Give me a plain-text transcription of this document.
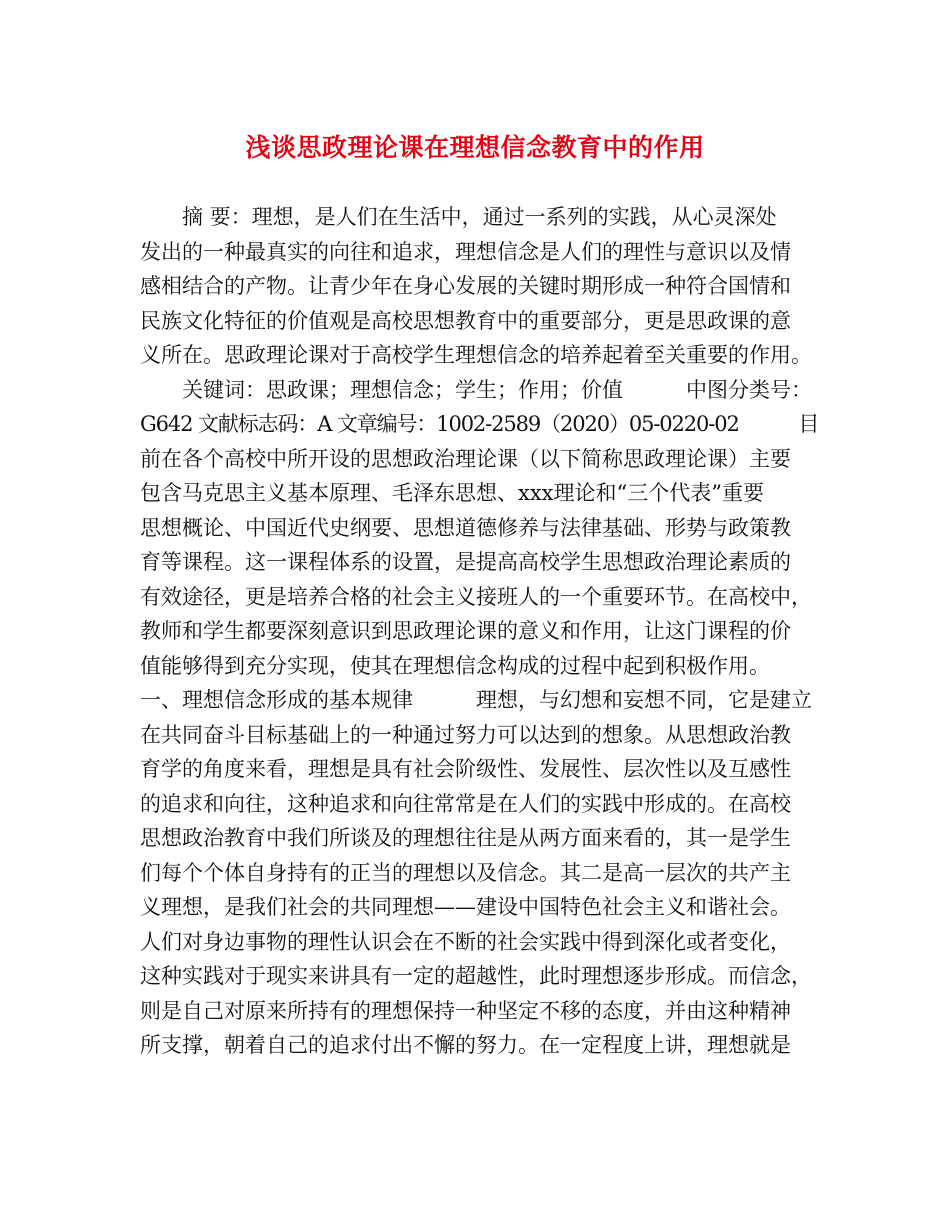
浅谈思政理论课在理想信念教育中的作用
　　摘 要：理想，是人们在生活中，通过一系列的实践，从心灵深处
发出的一种最真实的向往和追求，理想信念是人们的理性与意识以及情
感相结合的产物。让青少年在身心发展的关键时期形成一种符合国情和
民族文化特征的价值观是高校思想教育中的重要部分，更是思政课的意
义所在。思政理论课对于高校学生理想信念的培养起着至关重要的作用。
　　关键词：思政课；理想信念；学生；作用；价值　　　中图分类号：
G642 文献标志码：A 文章编号：1002-2589（2020）05-0220-02　　　目
前在各个高校中所开设的思想政治理论课（以下简称思政理论课）主要
包含马克思主义基本原理、毛泽东思想、xxx理论和“三个代表”重要
思想概论、中国近代史纲要、思想道德修养与法律基础、形势与政策教
育等课程。这一课程体系的设置，是提高高校学生思想政治理论素质的
有效途径，更是培养合格的社会主义接班人的一个重要环节。在高校中，
教师和学生都要深刻意识到思政理论课的意义和作用，让这门课程的价
值能够得到充分实现，使其在理想信念构成的过程中起到积极作用。
一、理想信念形成的基本规律　　　理想，与幻想和妄想不同，它是建立
在共同奋斗目标基础上的一种通过努力可以达到的想象。从思想政治教
育学的角度来看，理想是具有社会阶级性、发展性、层次性以及互感性
的追求和向往，这种追求和向往常常是在人们的实践中形成的。在高校
思想政治教育中我们所谈及的理想往往是从两方面来看的，其一是学生
们每个个体自身持有的正当的理想以及信念。其二是高一层次的共产主
义理想，是我们社会的共同理想——建设中国特色社会主义和谐社会。
人们对身边事物的理性认识会在不断的社会实践中得到深化或者变化，
这种实践对于现实来讲具有一定的超越性，此时理想逐步形成。而信念，
则是自己对原来所持有的理想保持一种坚定不移的态度，并由这种精神
所支撑，朝着自己的追求付出不懈的努力。在一定程度上讲，理想就是
